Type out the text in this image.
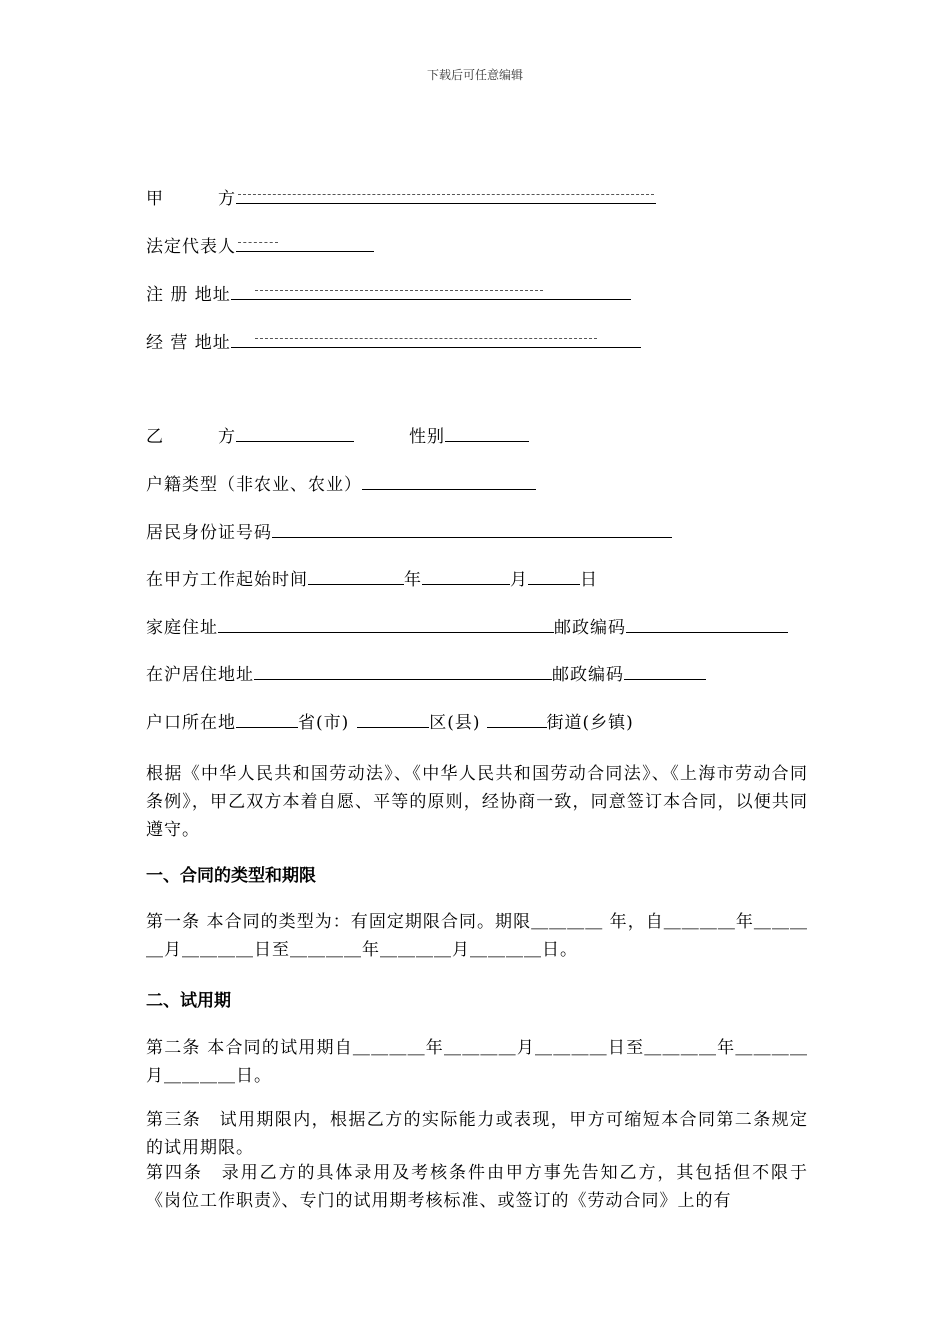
下载后可任意编辑
甲　　　方
法定代表人
注 册 地址
经 营 地址
乙　　　方	性别
户籍类型（非农业、农业）
居民身份证号码
在甲方工作起始时间	年	月	日
家庭住址	邮政编码
在沪居住地址	邮政编码
户口所在地	省(市)	区(县)	街道(乡镇)
根据《中华人民共和国劳动法》、《中华人民共和国劳动合同法》、《上海市劳动合同条例》，甲乙双方本着自愿、平等的原则，经协商一致，同意签订本合同，以便共同遵守。
一、合同的类型和期限
第一条 本合同的类型为：有固定期限合同。期限＿＿＿＿ 年，自＿＿＿＿年＿＿＿＿月＿＿＿＿日至＿＿＿＿年＿＿＿＿月＿＿＿＿日。
二、试用期
第二条 本合同的试用期自＿＿＿＿年＿＿＿＿月＿＿＿＿日至＿＿＿＿年＿＿＿＿月＿＿＿＿日。
第三条　试用期限内，根据乙方的实际能力或表现，甲方可缩短本合同第二条规定的试用期限。
第四条　录用乙方的具体录用及考核条件由甲方事先告知乙方，其包括但不限于《岗位工作职责》、专门的试用期考核标准、或签订的《劳动合同》上的有
